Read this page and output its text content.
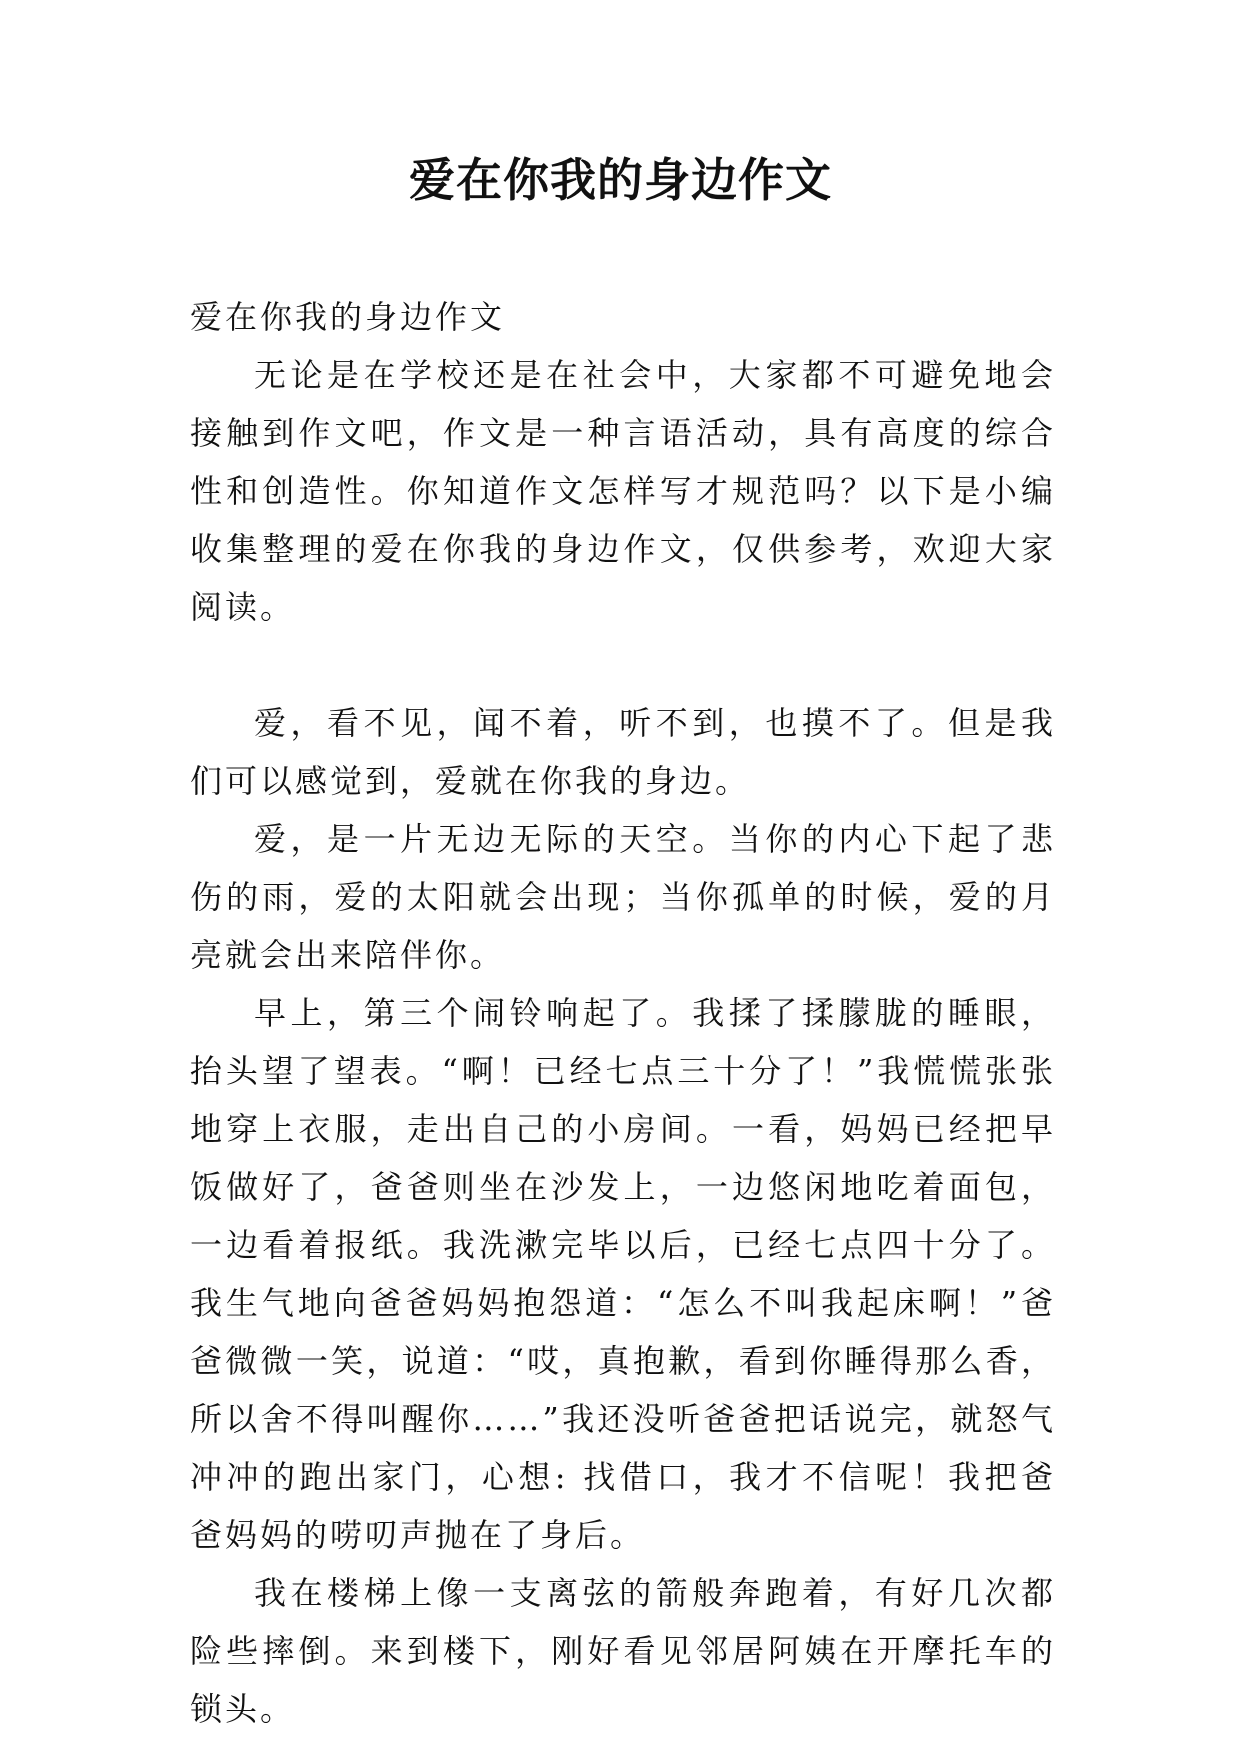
爱在你我的身边作文

爱在你我的身边作文

无论是在学校还是在社会中，大家都不可避免地会接触到作文吧，作文是一种言语活动，具有高度的综合性和创造性。你知道作文怎样写才规范吗？以下是小编收集整理的爱在你我的身边作文，仅供参考，欢迎大家阅读。

爱，看不见，闻不着，听不到，也摸不了。但是我们可以感觉到，爱就在你我的身边。

爱，是一片无边无际的天空。当你的内心下起了悲伤的雨，爱的太阳就会出现；当你孤单的时候，爱的月亮就会出来陪伴你。

早上，第三个闹铃响起了。我揉了揉朦胧的睡眼，抬头望了望表。“啊！已经七点三十分了！”我慌慌张张地穿上衣服，走出自己的小房间。一看，妈妈已经把早饭做好了，爸爸则坐在沙发上，一边悠闲地吃着面包，一边看着报纸。我洗漱完毕以后，已经七点四十分了。我生气地向爸爸妈妈抱怨道：“怎么不叫我起床啊！”爸爸微微一笑，说道：“哎，真抱歉，看到你睡得那么香，所以舍不得叫醒你……”我还没听爸爸把话说完，就怒气冲冲的跑出家门，心想: 找借口，我才不信呢！我把爸爸妈妈的唠叨声抛在了身后。

我在楼梯上像一支离弦的箭般奔跑着，有好几次都险些摔倒。来到楼下，刚好看见邻居阿姨在开摩托车的锁头。
